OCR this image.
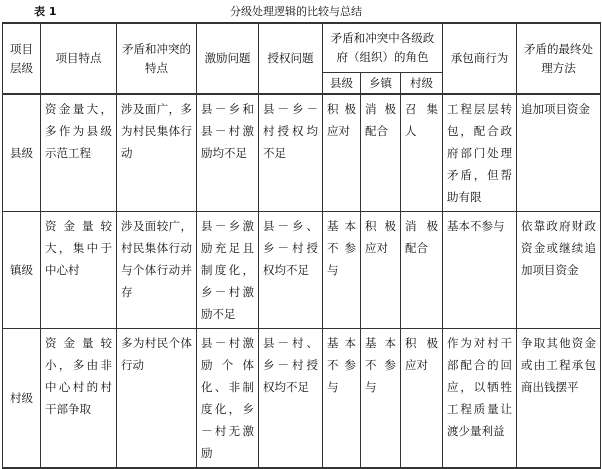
表 1	分级处理逻辑的比较与总结
项目层级	项目特点	矛盾和冲突的特点	激励问题	授权问题	矛盾和冲突中各级政府（组织）的角色			承包商行为	矛盾的最终处理方法
					县级	乡镇	村级		
县级	资金量大，多作为县级示范工程	涉及面广，多为村民集体行动	县－乡和县－村激励均不足	县－乡－村授权均不足	积极应对	消极配合	召集人	工程层层转包，配合政府部门处理矛盾，但帮助有限	追加项目资金
镇级	资金量较大，集中于中心村	涉及面较广，村民集体行动与个体行动并存	县－乡激励充足且制度化，乡－村激励不足	县－乡、乡－村授权均不足	基本不参与	积极应对	消极配合	基本不参与	依靠政府财政资金或继续追加项目资金
村级	资金量较小，多由非中心村的村干部争取	多为村民个体行动	县－村激励个体化、非制度化，乡－村无激励	县－村、乡－村授权均不足	基本不参与	基本不参与	积极应对	作为对村干部配合的回应，以牺牲工程质量让渡少量利益	争取其他资金或由工程承包商出钱摆平
